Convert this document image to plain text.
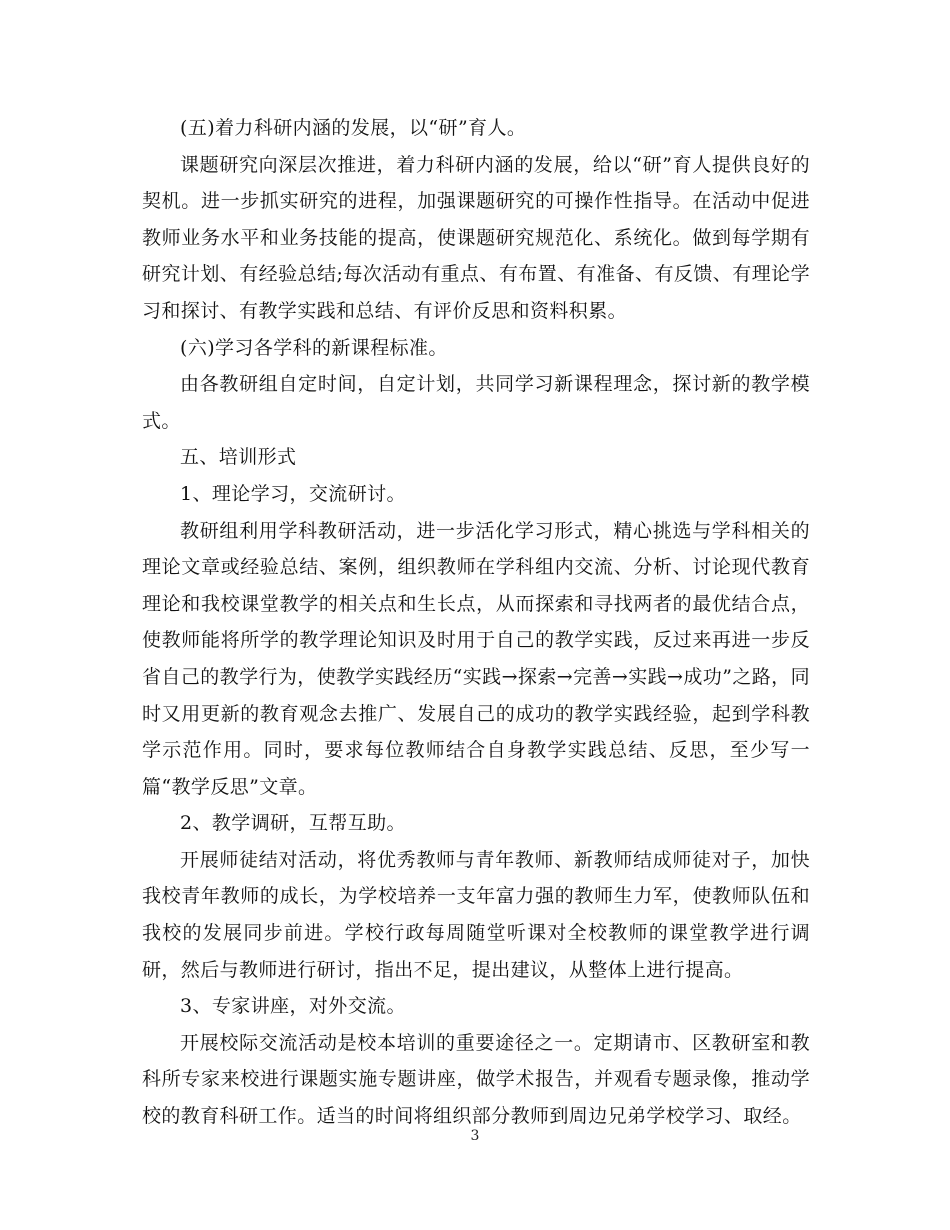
(五)着力科研内涵的发展，以“研”育人。

课题研究向深层次推进，着力科研内涵的发展，给以“研”育人提供良好的契机。进一步抓实研究的进程，加强课题研究的可操作性指导。在活动中促进教师业务水平和业务技能的提高，使课题研究规范化、系统化。做到每学期有研究计划、有经验总结;每次活动有重点、有布置、有准备、有反馈、有理论学习和探讨、有教学实践和总结、有评价反思和资料积累。

(六)学习各学科的新课程标准。

由各教研组自定时间，自定计划，共同学习新课程理念，探讨新的教学模式。

五、培训形式

1、理论学习，交流研讨。

教研组利用学科教研活动，进一步活化学习形式，精心挑选与学科相关的理论文章或经验总结、案例，组织教师在学科组内交流、分析、讨论现代教育理论和我校课堂教学的相关点和生长点，从而探索和寻找两者的最优结合点，使教师能将所学的教学理论知识及时用于自己的教学实践，反过来再进一步反省自己的教学行为，使教学实践经历“实践→探索→完善→实践→成功”之路，同时又用更新的教育观念去推广、发展自己的成功的教学实践经验，起到学科教学示范作用。同时，要求每位教师结合自身教学实践总结、反思，至少写一篇“教学反思”文章。

2、教学调研，互帮互助。

开展师徒结对活动，将优秀教师与青年教师、新教师结成师徒对子，加快我校青年教师的成长，为学校培养一支年富力强的教师生力军，使教师队伍和我校的发展同步前进。学校行政每周随堂听课对全校教师的课堂教学进行调研，然后与教师进行研讨，指出不足，提出建议，从整体上进行提高。

3、专家讲座，对外交流。

开展校际交流活动是校本培训的重要途径之一。定期请市、区教研室和教科所专家来校进行课题实施专题讲座，做学术报告，并观看专题录像，推动学校的教育科研工作。适当的时间将组织部分教师到周边兄弟学校学习、取经。

3
